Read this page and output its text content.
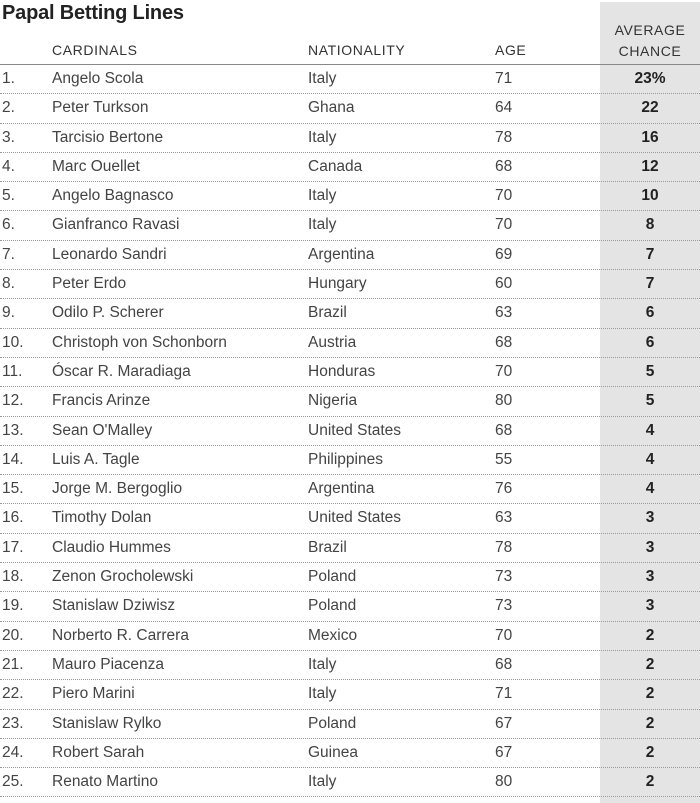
Papal Betting Lines
CARDINALS	NATIONALITY	AGE
AVERAGE
CHANCE
1. Angelo Scola	Italy	71	23%
2. Peter Turkson	Ghana	64	22
3. Tarcisio Bertone	Italy	78	16
4. Marc Ouellet	Canada	68	12
5. Angelo Bagnasco	Italy	70	10
6. Gianfranco Ravasi	Italy	70	8
7. Leonardo Sandri	Argentina	69	7
8. Peter Erdo	Hungary	60	7
9. Odilo P. Scherer	Brazil	63	6
10. Christoph von Schonborn	Austria	68	6
11. Óscar R. Maradiaga	Honduras	70	5
12. Francis Arinze	Nigeria	80	5
13. Sean O'Malley	United States	68	4
14. Luis A. Tagle	Philippines	55	4
15. Jorge M. Bergoglio	Argentina	76	4
16. Timothy Dolan	United States	63	3
17. Claudio Hummes	Brazil	78	3
18. Zenon Grocholewski	Poland	73	3
19. Stanislaw Dziwisz	Poland	73	3
20. Norberto R. Carrera	Mexico	70	2
21. Mauro Piacenza	Italy	68	2
22. Piero Marini	Italy	71	2
23. Stanislaw Rylko	Poland	67	2
24. Robert Sarah	Guinea	67	2
25. Renato Martino	Italy	80	2
